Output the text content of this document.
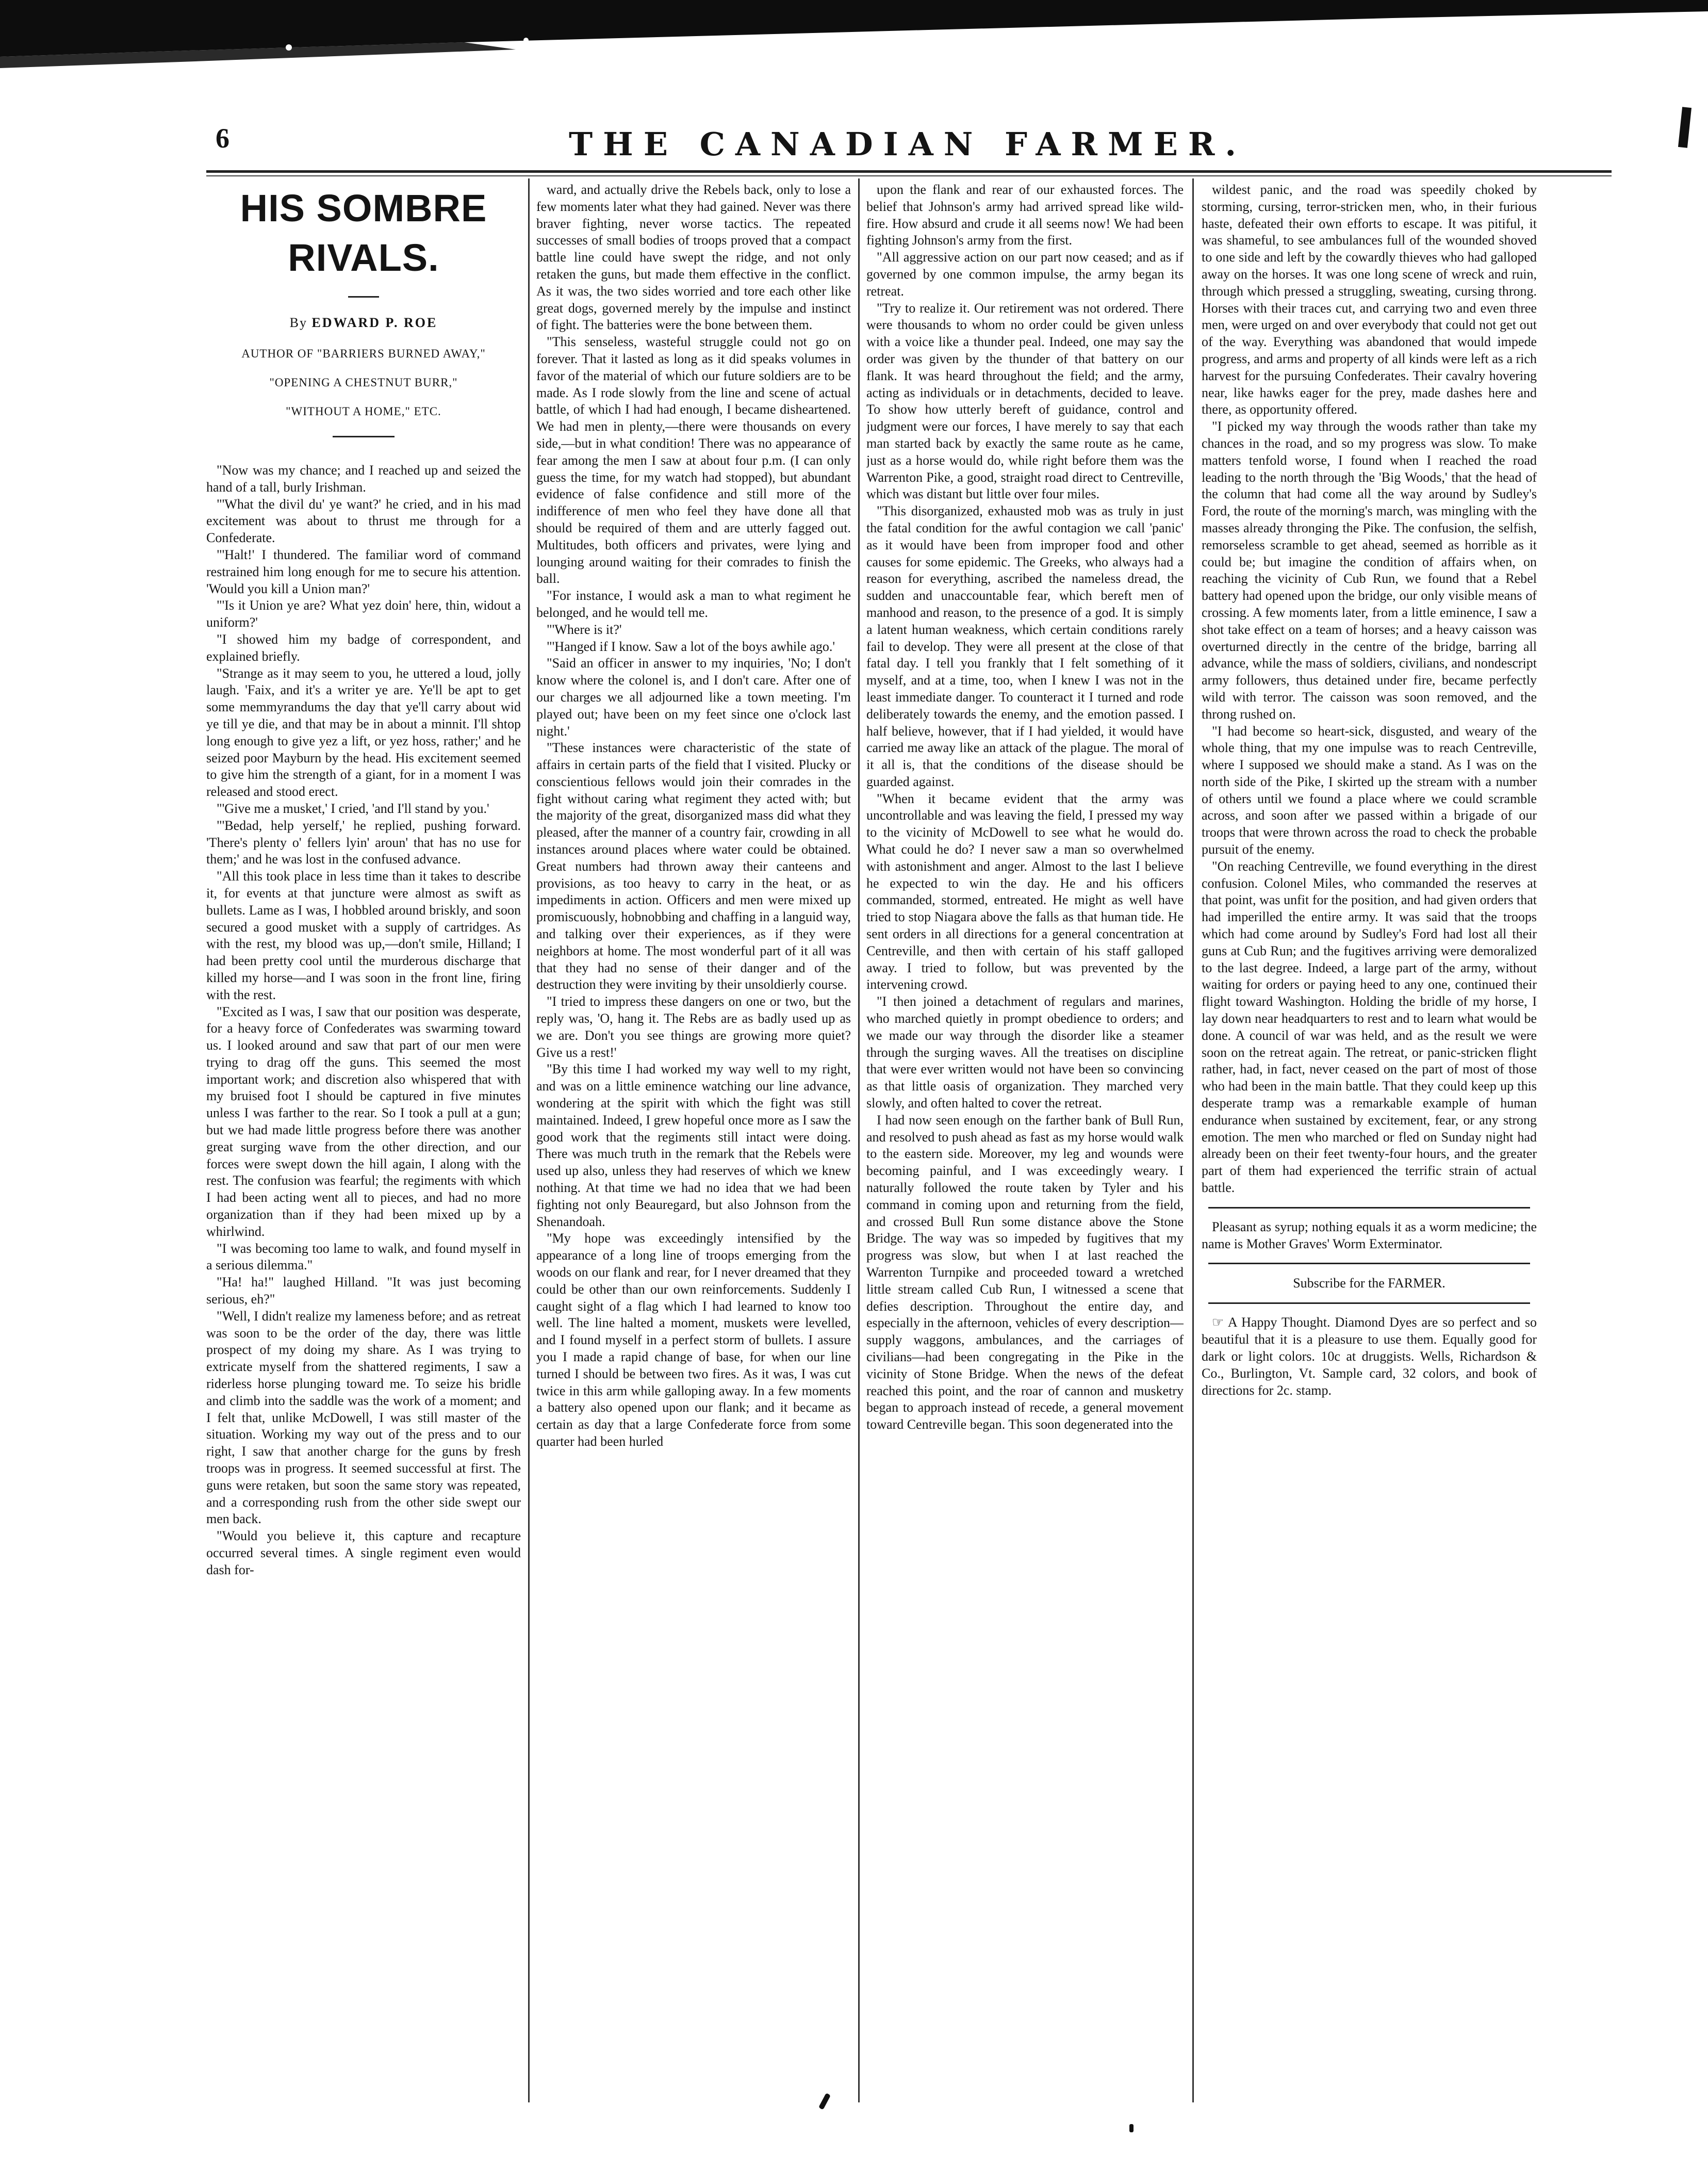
6	THE CANADIAN FARMER.
HIS SOMBRE RIVALS.
By EDWARD P. ROE
AUTHOR OF "BARRIERS BURNED AWAY,"
"OPENING A CHESTNUT BURR,"
"WITHOUT A HOME," ETC.

"Now was my chance; and I reached up and seized the hand of a tall, burly Irishman.

"'What the divil du' ye want?' he cried, and in his mad excitement was about to thrust me through for a Confederate.

"'Halt!' I thundered. The familiar word of command restrained him long enough for me to secure his attention. 'Would you kill a Union man?'

"'Is it Union ye are? What yez doin' here, thin, widout a uniform?'

"I showed him my badge of correspondent, and explained briefly.

"Strange as it may seem to you, he uttered a loud, jolly laugh. 'Faix, and it's a writer ye are. Ye'll be apt to get some memmyrandums the day that ye'll carry about wid ye till ye die, and that may be in about a minnit. I'll shtop long enough to give yez a lift, or yez hoss, rather;' and he seized poor Mayburn by the head. His excitement seemed to give him the strength of a giant, for in a moment I was released and stood erect.

"'Give me a musket,' I cried, 'and I'll stand by you.'

"'Bedad, help yerself,' he replied, pushing forward. 'There's plenty o' fellers lyin' aroun' that has no use for them;' and he was lost in the confused advance.

"All this took place in less time than it takes to describe it, for events at that juncture were almost as swift as bullets. Lame as I was, I hobbled around briskly, and soon secured a good musket with a supply of cartridges. As with the rest, my blood was up,—don't smile, Hilland; I had been pretty cool until the murderous discharge that killed my horse—and I was soon in the front line, firing with the rest.

"Excited as I was, I saw that our position was desperate, for a heavy force of Confederates was swarming toward us. I looked around and saw that part of our men were trying to drag off the guns. This seemed the most important work; and discretion also whispered that with my bruised foot I should be captured in five minutes unless I was farther to the rear. So I took a pull at a gun; but we had made little progress before there was another great surging wave from the other direction, and our forces were swept down the hill again, I along with the rest. The confusion was fearful; the regiments with which I had been acting went all to pieces, and had no more organization than if they had been mixed up by a whirlwind.

"I was becoming too lame to walk, and found myself in a serious dilemma."

"Ha! ha!" laughed Hilland. "It was just becoming serious, eh?"

"Well, I didn't realize my lameness before; and as retreat was soon to be the order of the day, there was little prospect of my doing my share. As I was trying to extricate myself from the shattered regiments, I saw a riderless horse plunging toward me. To seize his bridle and climb into the saddle was the work of a moment; and I felt that, unlike McDowell, I was still master of the situation. Working my way out of the press and to our right, I saw that another charge for the guns by fresh troops was in progress. It seemed successful at first. The guns were retaken, but soon the same story was repeated, and a corresponding rush from the other side swept our men back.

"Would you believe it, this capture and recapture occurred several times. A single regiment even would dash for-

ward, and actually drive the Rebels back, only to lose a few moments later what they had gained. Never was there braver fighting, never worse tactics. The repeated successes of small bodies of troops proved that a compact battle line could have swept the ridge, and not only retaken the guns, but made them effective in the conflict. As it was, the two sides worried and tore each other like great dogs, governed merely by the impulse and instinct of fight. The batteries were the bone between them.

"This senseless, wasteful struggle could not go on forever. That it lasted as long as it did speaks volumes in favor of the material of which our future soldiers are to be made. As I rode slowly from the line and scene of actual battle, of which I had had enough, I became disheartened. We had men in plenty,—there were thousands on every side,—but in what condition! There was no appearance of fear among the men I saw at about four p.m. (I can only guess the time, for my watch had stopped), but abundant evidence of false confidence and still more of the indifference of men who feel they have done all that should be required of them and are utterly fagged out. Multitudes, both officers and privates, were lying and lounging around waiting for their comrades to finish the ball.

"For instance, I would ask a man to what regiment he belonged, and he would tell me.

"'Where is it?'

"'Hanged if I know. Saw a lot of the boys awhile ago.'

"Said an officer in answer to my inquiries, 'No; I don't know where the colonel is, and I don't care. After one of our charges we all adjourned like a town meeting. I'm played out; have been on my feet since one o'clock last night.'

"These instances were characteristic of the state of affairs in certain parts of the field that I visited. Plucky or conscientious fellows would join their comrades in the fight without caring what regiment they acted with; but the majority of the great, disorganized mass did what they pleased, after the manner of a country fair, crowding in all instances around places where water could be obtained. Great numbers had thrown away their canteens and provisions, as too heavy to carry in the heat, or as impediments in action. Officers and men were mixed up promiscuously, hobnobbing and chaffing in a languid way, and talking over their experiences, as if they were neighbors at home. The most wonderful part of it all was that they had no sense of their danger and of the destruction they were inviting by their unsoldierly course.

"I tried to impress these dangers on one or two, but the reply was, 'O, hang it. The Rebs are as badly used up as we are. Don't you see things are growing more quiet? Give us a rest!'

"By this time I had worked my way well to my right, and was on a little eminence watching our line advance, wondering at the spirit with which the fight was still maintained. Indeed, I grew hopeful once more as I saw the good work that the regiments still intact were doing. There was much truth in the remark that the Rebels were used up also, unless they had reserves of which we knew nothing. At that time we had no idea that we had been fighting not only Beauregard, but also Johnson from the Shenandoah.

"My hope was exceedingly intensified by the appearance of a long line of troops emerging from the woods on our flank and rear, for I never dreamed that they could be other than our own reinforcements. Suddenly I caught sight of a flag which I had learned to know too well. The line halted a moment, muskets were levelled, and I found myself in a perfect storm of bullets. I assure you I made a rapid change of base, for when our line turned I should be between two fires. As it was, I was cut twice in this arm while galloping away. In a few moments a battery also opened upon our flank; and it became as certain as day that a large Confederate force from some quarter had been hurled

upon the flank and rear of our exhausted forces. The belief that Johnson's army had arrived spread like wild-fire. How absurd and crude it all seems now! We had been fighting Johnson's army from the first.

"All aggressive action on our part now ceased; and as if governed by one common impulse, the army began its retreat.

"Try to realize it. Our retirement was not ordered. There were thousands to whom no order could be given unless with a voice like a thunder peal. Indeed, one may say the order was given by the thunder of that battery on our flank. It was heard throughout the field; and the army, acting as individuals or in detachments, decided to leave. To show how utterly bereft of guidance, control and judgment were our forces, I have merely to say that each man started back by exactly the same route as he came, just as a horse would do, while right before them was the Warrenton Pike, a good, straight road direct to Centreville, which was distant but little over four miles.

"This disorganized, exhausted mob was as truly in just the fatal condition for the awful contagion we call 'panic' as it would have been from improper food and other causes for some epidemic. The Greeks, who always had a reason for everything, ascribed the nameless dread, the sudden and unaccountable fear, which bereft men of manhood and reason, to the presence of a god. It is simply a latent human weakness, which certain conditions rarely fail to develop. They were all present at the close of that fatal day. I tell you frankly that I felt something of it myself, and at a time, too, when I knew I was not in the least immediate danger. To counteract it I turned and rode deliberately towards the enemy, and the emotion passed. I half believe, however, that if I had yielded, it would have carried me away like an attack of the plague. The moral of it all is, that the conditions of the disease should be guarded against.

"When it became evident that the army was uncontrollable and was leaving the field, I pressed my way to the vicinity of McDowell to see what he would do. What could he do? I never saw a man so overwhelmed with astonishment and anger. Almost to the last I believe he expected to win the day. He and his officers commanded, stormed, entreated. He might as well have tried to stop Niagara above the falls as that human tide. He sent orders in all directions for a general concentration at Centreville, and then with certain of his staff galloped away. I tried to follow, but was prevented by the intervening crowd.

"I then joined a detachment of regulars and marines, who marched quietly in prompt obedience to orders; and we made our way through the disorder like a steamer through the surging waves. All the treatises on discipline that were ever written would not have been so convincing as that little oasis of organization. They marched very slowly, and often halted to cover the retreat.

I had now seen enough on the farther bank of Bull Run, and resolved to push ahead as fast as my horse would walk to the eastern side. Moreover, my leg and wounds were becoming painful, and I was exceedingly weary. I naturally followed the route taken by Tyler and his command in coming upon and returning from the field, and crossed Bull Run some distance above the Stone Bridge. The way was so impeded by fugitives that my progress was slow, but when I at last reached the Warrenton Turnpike and proceeded toward a wretched little stream called Cub Run, I witnessed a scene that defies description. Throughout the entire day, and especially in the afternoon, vehicles of every description—supply waggons, ambulances, and the carriages of civilians—had been congregating in the Pike in the vicinity of Stone Bridge. When the news of the defeat reached this point, and the roar of cannon and musketry began to approach instead of recede, a general movement toward Centreville began. This soon degenerated into the

wildest panic, and the road was speedily choked by storming, cursing, terror-stricken men, who, in their furious haste, defeated their own efforts to escape. It was pitiful, it was shameful, to see ambulances full of the wounded shoved to one side and left by the cowardly thieves who had galloped away on the horses. It was one long scene of wreck and ruin, through which pressed a struggling, sweating, cursing throng. Horses with their traces cut, and carrying two and even three men, were urged on and over everybody that could not get out of the way. Everything was abandoned that would impede progress, and arms and property of all kinds were left as a rich harvest for the pursuing Confederates. Their cavalry hovering near, like hawks eager for the prey, made dashes here and there, as opportunity offered.

"I picked my way through the woods rather than take my chances in the road, and so my progress was slow. To make matters tenfold worse, I found when I reached the road leading to the north through the 'Big Woods,' that the head of the column that had come all the way around by Sudley's Ford, the route of the morning's march, was mingling with the masses already thronging the Pike. The confusion, the selfish, remorseless scramble to get ahead, seemed as horrible as it could be; but imagine the condition of affairs when, on reaching the vicinity of Cub Run, we found that a Rebel battery had opened upon the bridge, our only visible means of crossing. A few moments later, from a little eminence, I saw a shot take effect on a team of horses; and a heavy caisson was overturned directly in the centre of the bridge, barring all advance, while the mass of soldiers, civilians, and nondescript army followers, thus detained under fire, became perfectly wild with terror. The caisson was soon removed, and the throng rushed on.

"I had become so heart-sick, disgusted, and weary of the whole thing, that my one impulse was to reach Centreville, where I supposed we should make a stand. As I was on the north side of the Pike, I skirted up the stream with a number of others until we found a place where we could scramble across, and soon after we passed within a brigade of our troops that were thrown across the road to check the probable pursuit of the enemy.

"On reaching Centreville, we found everything in the direst confusion. Colonel Miles, who commanded the reserves at that point, was unfit for the position, and had given orders that had imperilled the entire army. It was said that the troops which had come around by Sudley's Ford had lost all their guns at Cub Run; and the fugitives arriving were demoralized to the last degree. Indeed, a large part of the army, without waiting for orders or paying heed to any one, continued their flight toward Washington. Holding the bridle of my horse, I lay down near headquarters to rest and to learn what would be done. A council of war was held, and as the result we were soon on the retreat again. The retreat, or panic-stricken flight rather, had, in fact, never ceased on the part of most of those who had been in the main battle. That they could keep up this desperate tramp was a remarkable example of human endurance when sustained by excitement, fear, or any strong emotion. The men who marched or fled on Sunday night had already been on their feet twenty-four hours, and the greater part of them had experienced the terrific strain of actual battle.

Pleasant as syrup; nothing equals it as a worm medicine; the name is Mother Graves' Worm Exterminator.

Subscribe for the FARMER.

☞ A Happy Thought. Diamond Dyes are so perfect and so beautiful that it is a pleasure to use them. Equally good for dark or light colors. 10c at druggists. Wells, Richardson & Co., Burlington, Vt. Sample card, 32 colors, and book of directions for 2c. stamp.
